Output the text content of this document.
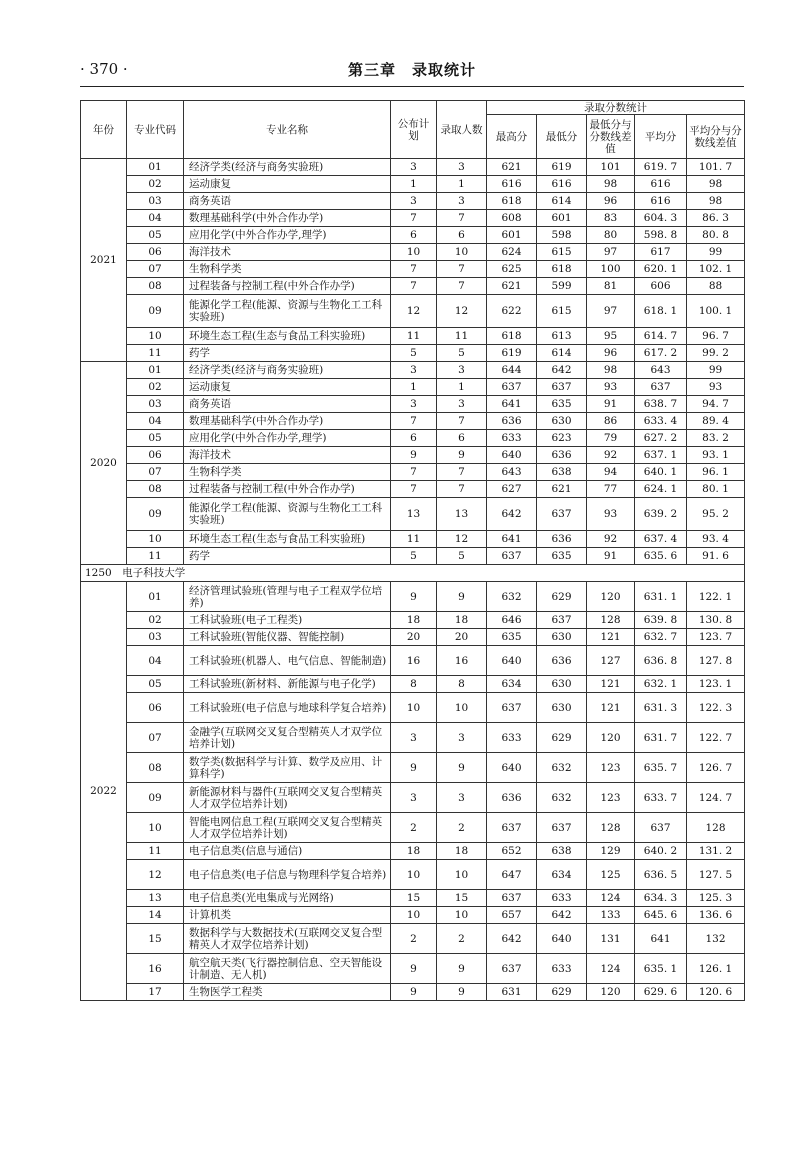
· 370 ·	第三章　录取统计
年份	专业代码	专业名称	公布计划	录取人数	录取分数统计				
					最高分	最低分	最低分与分数线差值	平均分	平均分与分数线差值
2021	01	经济学类(经济与商务实验班)	3	3	621	619	101	619. 7	101. 7
	02	运动康复	1	1	616	616	98	616	98
	03	商务英语	3	3	618	614	96	616	98
	04	数理基础科学(中外合作办学)	7	7	608	601	83	604. 3	86. 3
	05	应用化学(中外合作办学,理学)	6	6	601	598	80	598. 8	80. 8
	06	海洋技术	10	10	624	615	97	617	99
	07	生物科学类	7	7	625	618	100	620. 1	102. 1
	08	过程装备与控制工程(中外合作办学)	7	7	621	599	81	606	88
	09	能源化学工程(能源、资源与生物化工工科实验班)	12	12	622	615	97	618. 1	100. 1
	10	环境生态工程(生态与食品工科实验班)	11	11	618	613	95	614. 7	96. 7
	11	药学	5	5	619	614	96	617. 2	99. 2
2020	01	经济学类(经济与商务实验班)	3	3	644	642	98	643	99
	02	运动康复	1	1	637	637	93	637	93
	03	商务英语	3	3	641	635	91	638. 7	94. 7
	04	数理基础科学(中外合作办学)	7	7	636	630	86	633. 4	89. 4
	05	应用化学(中外合作办学,理学)	6	6	633	623	79	627. 2	83. 2
	06	海洋技术	9	9	640	636	92	637. 1	93. 1
	07	生物科学类	7	7	643	638	94	640. 1	96. 1
	08	过程装备与控制工程(中外合作办学)	7	7	627	621	77	624. 1	80. 1
	09	能源化学工程(能源、资源与生物化工工科实验班)	13	13	642	637	93	639. 2	95. 2
	10	环境生态工程(生态与食品工科实验班)	11	12	641	636	92	637. 4	93. 4
	11	药学	5	5	637	635	91	635. 6	91. 6
1250　电子科技大学									
2022	01	经济管理试验班(管理与电子工程双学位培养)	9	9	632	629	120	631. 1	122. 1
	02	工科试验班(电子工程类)	18	18	646	637	128	639. 8	130. 8
	03	工科试验班(智能仪器、智能控制)	20	20	635	630	121	632. 7	123. 7
	04	工科试验班(机器人、电气信息、智能制造)	16	16	640	636	127	636. 8	127. 8
	05	工科试验班(新材料、新能源与电子化学)	8	8	634	630	121	632. 1	123. 1
	06	工科试验班(电子信息与地球科学复合培养)	10	10	637	630	121	631. 3	122. 3
	07	金融学(互联网交叉复合型精英人才双学位培养计划)	3	3	633	629	120	631. 7	122. 7
	08	数学类(数据科学与计算、数学及应用、计算科学)	9	9	640	632	123	635. 7	126. 7
	09	新能源材料与器件(互联网交叉复合型精英人才双学位培养计划)	3	3	636	632	123	633. 7	124. 7
	10	智能电网信息工程(互联网交叉复合型精英人才双学位培养计划)	2	2	637	637	128	637	128
	11	电子信息类(信息与通信)	18	18	652	638	129	640. 2	131. 2
	12	电子信息类(电子信息与物理科学复合培养)	10	10	647	634	125	636. 5	127. 5
	13	电子信息类(光电集成与光网络)	15	15	637	633	124	634. 3	125. 3
	14	计算机类	10	10	657	642	133	645. 6	136. 6
	15	数据科学与大数据技术(互联网交叉复合型精英人才双学位培养计划)	2	2	642	640	131	641	132
	16	航空航天类(飞行器控制信息、空天智能设计制造、无人机)	9	9	637	633	124	635. 1	126. 1
	17	生物医学工程类	9	9	631	629	120	629. 6	120. 6
